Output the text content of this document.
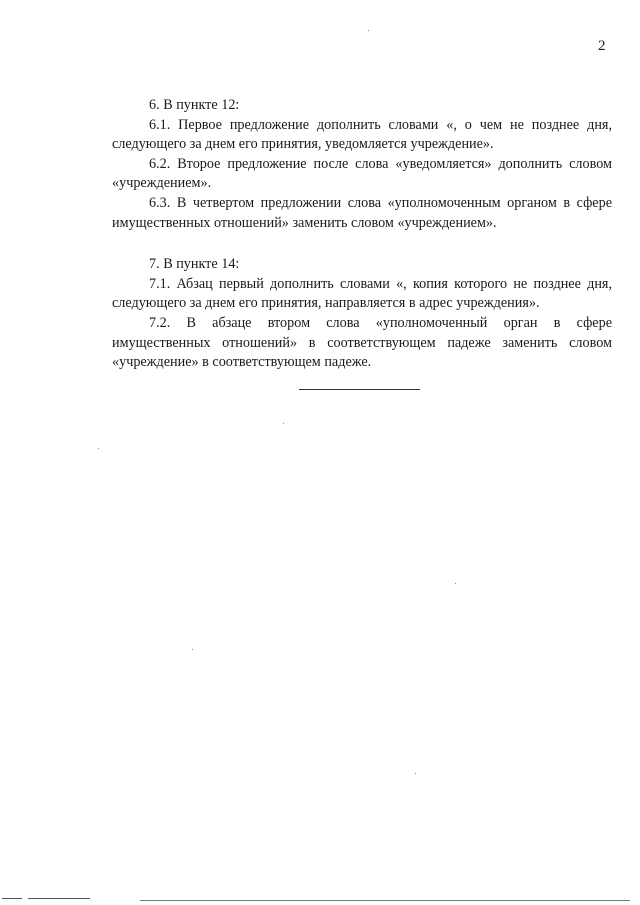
2

6. В пункте 12:

6.1. Первое предложение дополнить словами «, о чем не позднее дня, следующего за днем его принятия, уведомляется учреждение».

6.2. Второе предложение после слова «уведомляется» дополнить словом «учреждением».

6.3. В четвертом предложении слова «уполномоченным органом в сфере имущественных отношений» заменить словом «учреждением».

7. В пункте 14:

7.1. Абзац первый дополнить словами «, копия которого не позднее дня, следующего за днем его принятия, направляется в адрес учреждения».

7.2. В абзаце втором слова «уполномоченный орган в сфере имущественных отношений» в соответствующем падеже заменить словом «учреждение» в соответствующем падеже.
